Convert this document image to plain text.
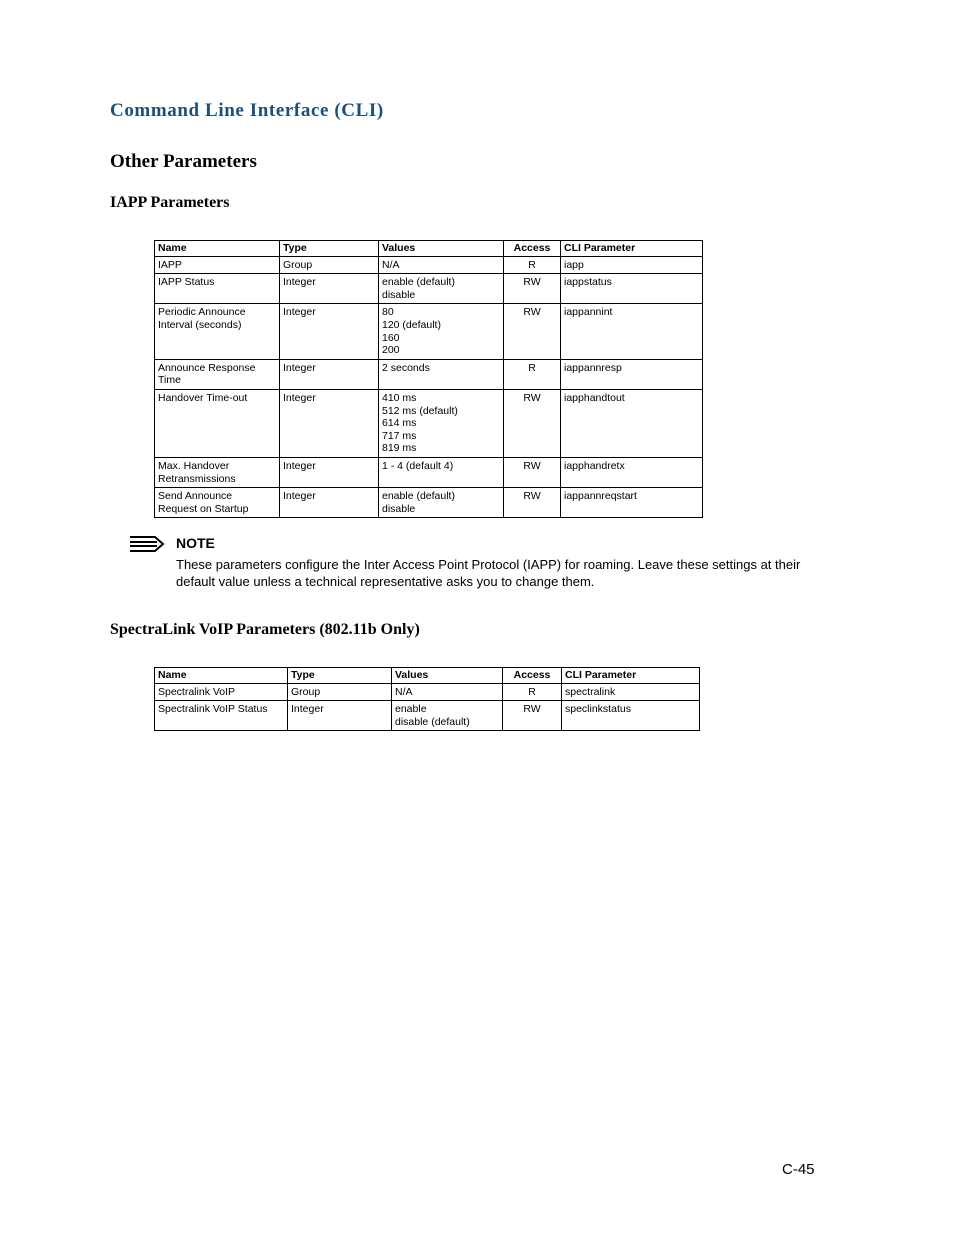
Command Line Interface (CLI)
Other Parameters
IAPP Parameters
Name	Type	Values	Access	CLI Parameter
IAPP	Group	N/A	R	iapp
IAPP Status	Integer	enable (default)
disable	RW	iappstatus
Periodic Announce
Interval (seconds)	Integer	80
120 (default)
160
200	RW	iappannint
Announce Response
Time	Integer	2 seconds	R	iappannresp
Handover Time-out	Integer	410 ms
512 ms (default)
614 ms
717 ms
819 ms	RW	iapphandtout
Max. Handover
Retransmissions	Integer	1 - 4 (default 4)	RW	iapphandretx
Send Announce
Request on Startup	Integer	enable (default)
disable	RW	iappannreqstart
NOTE
These parameters configure the Inter Access Point Protocol (IAPP) for roaming. Leave these settings at their default value unless a technical representative asks you to change them.
SpectraLink VoIP Parameters (802.11b Only)
Name	Type	Values	Access	CLI Parameter
Spectralink VoIP	Group	N/A	R	spectralink
Spectralink VoIP Status	Integer	enable
disable (default)	RW	speclinkstatus
C-45
